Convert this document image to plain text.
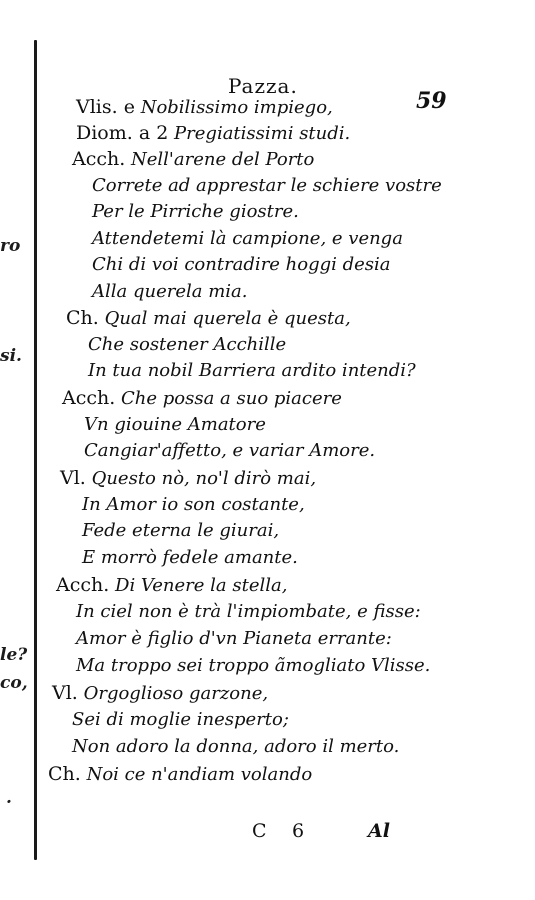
ro
si.
le?
co,
.
Pazza.
59
Vlis. e Nobilissimo impiego,
Diom. a 2 Pregiatissimi studi.
Acch. Nell'arene del Porto
Correte ad apprestar le schiere vostre
Per le Pirriche giostre.
Attendetemi là campione, e venga
Chi di voi contradire hoggi desia
Alla querela mia.
Ch. Qual mai querela è questa,
Che sostener Acchille
In tua nobil Barriera ardito intendi?
Acch. Che possa a suo piacere
Vn giouine Amatore
Cangiar'affetto, e variar Amore.
Vl. Questo nò, no'l dirò mai,
In Amor io son costante,
Fede eterna le giurai,
E morrò fedele amante.
Acch. Di Venere la stella,
In ciel non è trà l'impiombate, e fisse:
Amor è figlio d'vn Pianeta errante:
Ma troppo sei troppo ãmogliato Vlisse.
Vl. Orgoglioso garzone,
Sei di moglie inesperto;
Non adoro la donna, adoro il merto.
Ch. Noi ce n'andiam volando
C 6	Al
